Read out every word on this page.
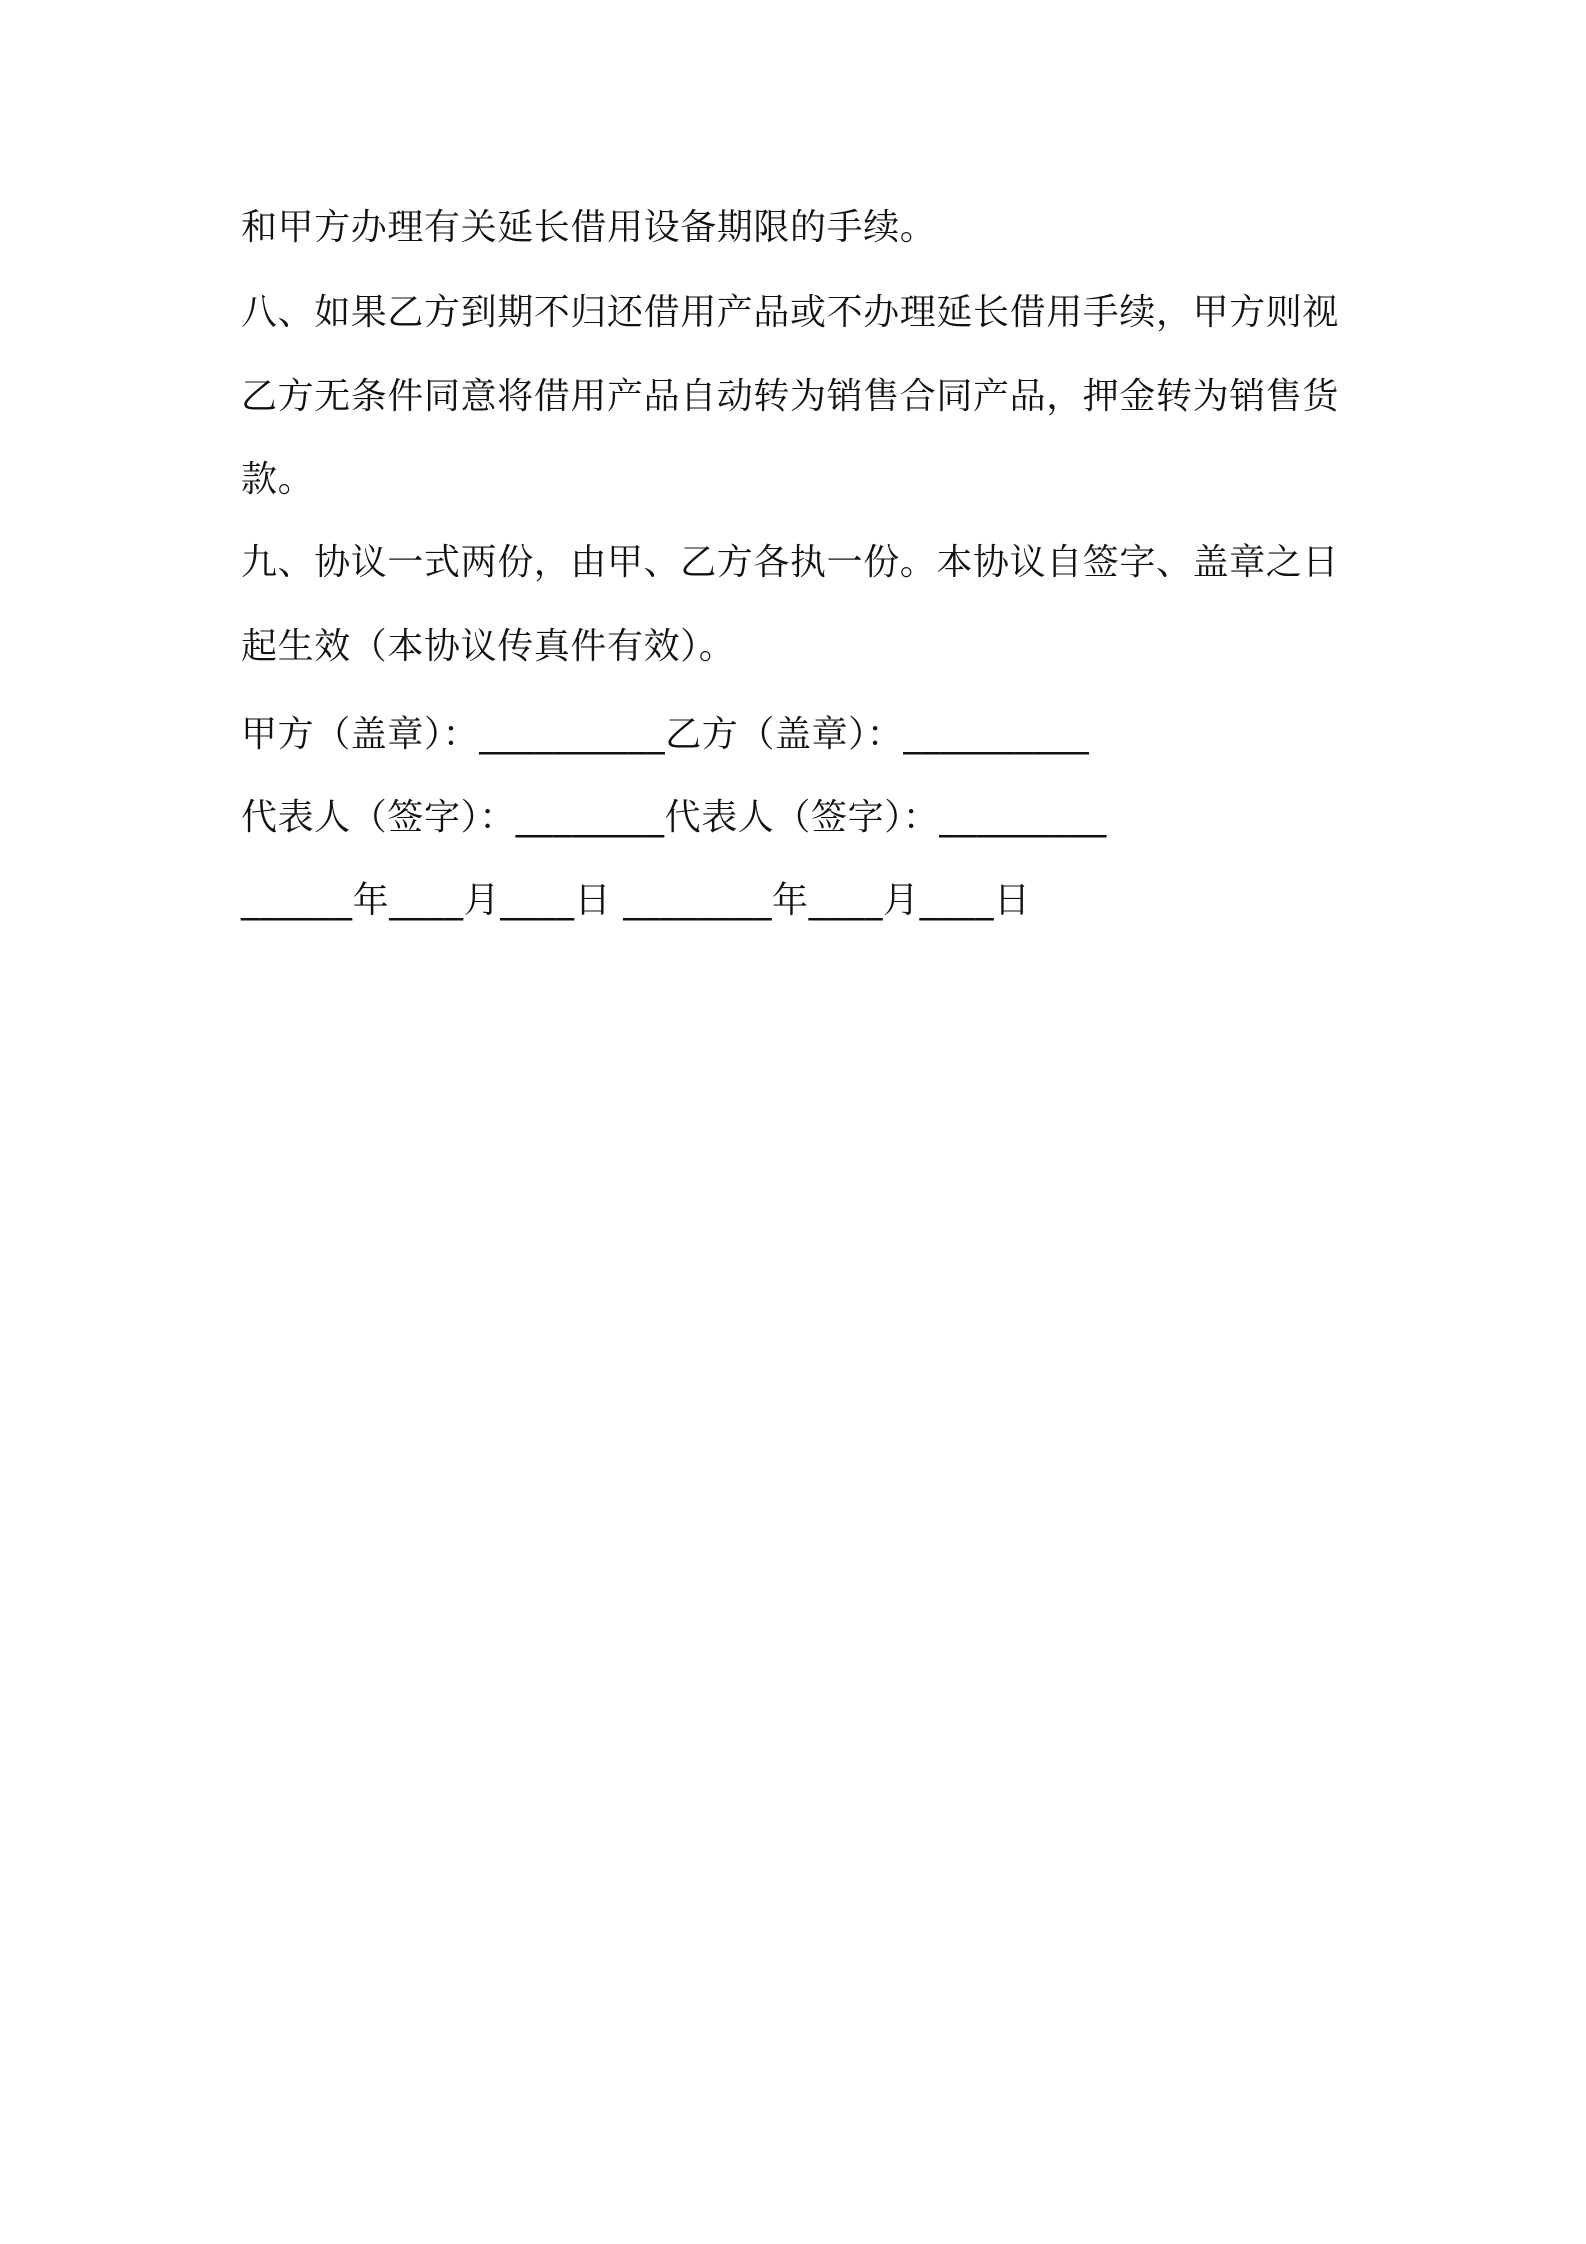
和甲方办理有关延长借用设备期限的手续。
八、如果乙方到期不归还借用产品或不办理延长借用手续，甲方则视
乙方无条件同意将借用产品自动转为销售合同产品，押金转为销售货
款。
九、协议一式两份，由甲、乙方各执一份。本协议自签字、盖章之日
起生效（本协议传真件有效）。
甲方（盖章）：__________乙方（盖章）：__________
代表人（签字）：________代表人（签字）：_________
______年____月____日 ________年____月____日
